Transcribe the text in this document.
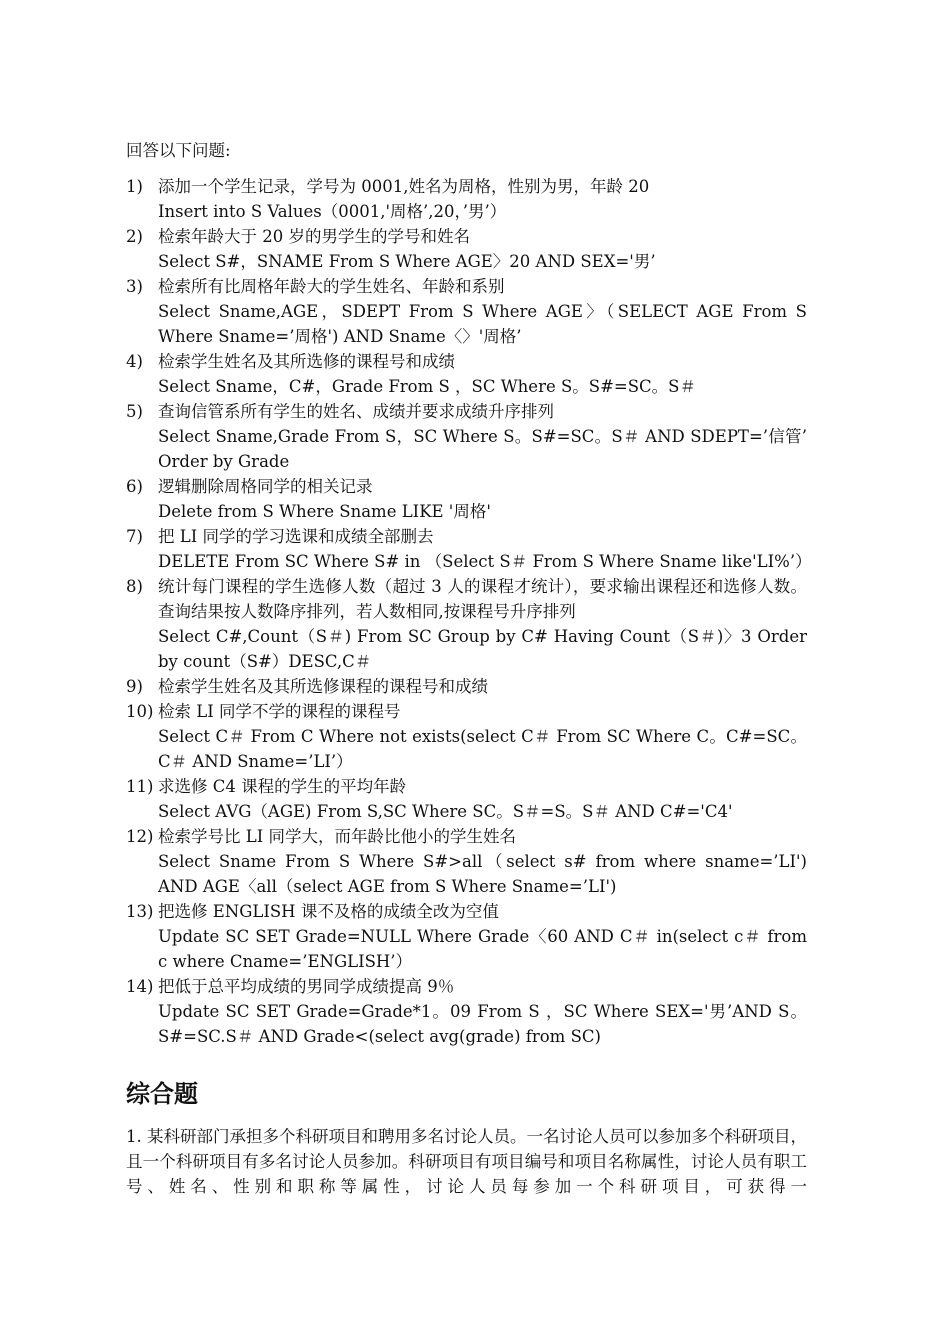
回答以下问题:
1) 添加一个学生记录，学号为 0001,姓名为周格，性别为男，年龄 20
Insert into S Values（0001,'周格’,20，’男’）
2) 检索年龄大于 20 岁的男学生的学号和姓名
Select S#，SNAME From S Where AGE〉20 AND SEX='男’
3) 检索所有比周格年龄大的学生姓名、年龄和系别
Select Sname,AGE，SDEPT From S Where AGE〉（SELECT AGE From S Where Sname=’周格') AND Sname〈〉'周格’
4) 检索学生姓名及其所选修的课程号和成绩
Select Sname，C#，Grade From S ，SC Where S。S#=SC。S＃
5) 查询信管系所有学生的姓名、成绩并要求成绩升序排列
Select Sname,Grade From S，SC Where S。S#=SC。S＃ AND SDEPT=’信管’ Order by Grade
6) 逻辑删除周格同学的相关记录
Delete from S Where Sname LIKE '周格'
7) 把 LI 同学的学习选课和成绩全部删去
DELETE From SC Where S# in （Select S＃ From S Where Sname like'LI%’）
8) 统计每门课程的学生选修人数（超过 3 人的课程才统计），要求输出课程还和选修人数。查询结果按人数降序排列，若人数相同,按课程号升序排列
Select C#,Count（S＃) From SC Group by C# Having Count（S＃)〉3 Order by count（S#）DESC,C＃
9) 检索学生姓名及其所选修课程的课程号和成绩
10) 检索 LI 同学不学的课程的课程号
Select C＃ From C Where not exists(select C＃ From SC Where C。C#=SC。C＃ AND Sname=’LI’）
11) 求选修 C4 课程的学生的平均年龄
Select AVG（AGE) From S,SC Where SC。S＃=S。S＃ AND C#='C4'
12) 检索学号比 LI 同学大，而年龄比他小的学生姓名
Select Sname From S Where S#>all（select s# from where sname=’LI') AND AGE〈all（select AGE from S Where Sname=’LI')
13) 把选修 ENGLISH 课不及格的成绩全改为空值
Update SC SET Grade=NULL Where Grade〈60 AND C＃ in(select c＃ from c where Cname=’ENGLISH’）
14) 把低于总平均成绩的男同学成绩提高 9％
Update SC SET Grade=Grade*1。09 From S ，SC Where SEX='男’AND S。S#=SC.S＃ AND Grade<(select avg(grade) from SC)
综合题
1. 某科研部门承担多个科研项目和聘用多名讨论人员。一名讨论人员可以参加多个科研项目，且一个科研项目有多名讨论人员参加。科研项目有项目编号和项目名称属性，讨论人员有职工号、姓名、性别和职称等属性，讨论人员每参加一个科研项目，可获得一
